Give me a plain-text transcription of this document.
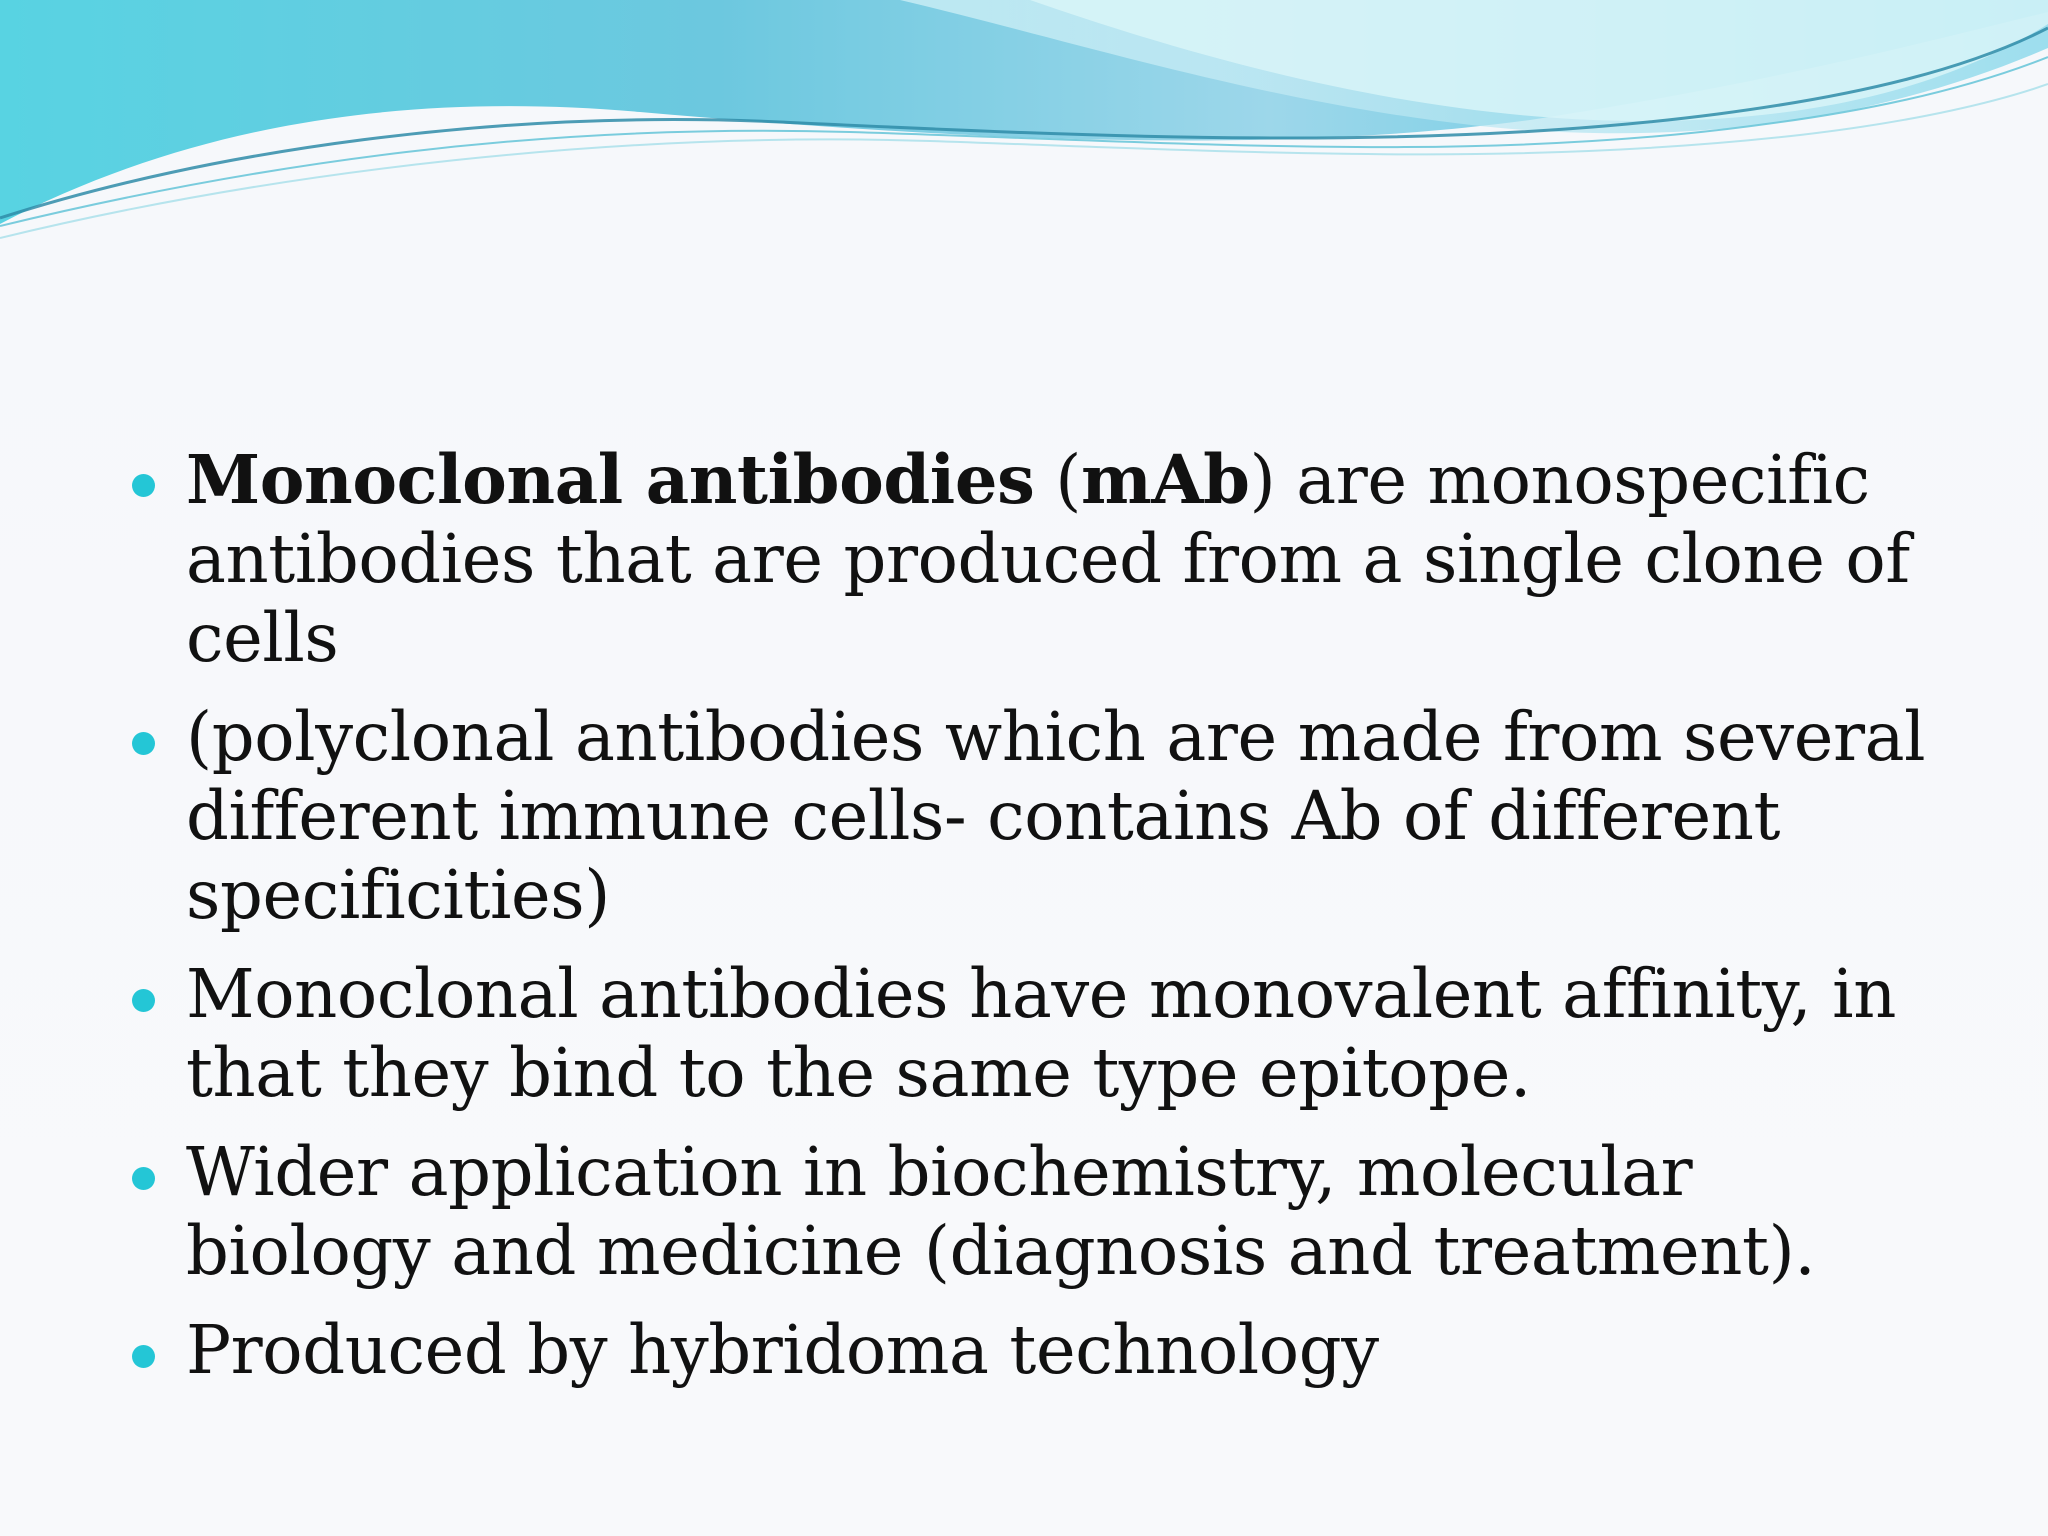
Monoclonal antibodies (mAb) are monospecific antibodies that are produced from a single clone of cells
(polyclonal antibodies which are made from several different immune cells- contains Ab of different specificities)
Monoclonal antibodies have monovalent affinity, in that they bind to the same type epitope.
Wider application in biochemistry, molecular biology and medicine (diagnosis and treatment).
Produced by hybridoma technology
